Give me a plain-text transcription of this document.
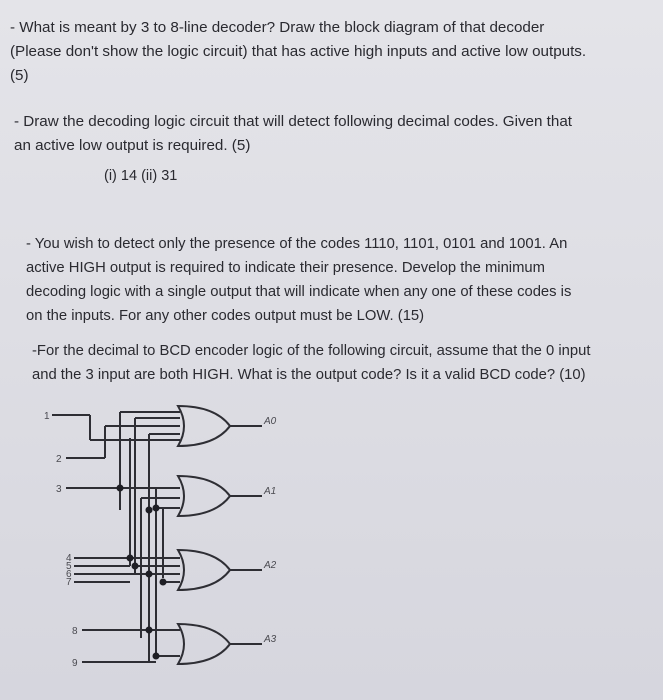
- What is meant by 3 to 8-line decoder? Draw the block diagram of that decoder
(Please don't show the logic circuit) that has active high inputs and active low outputs.
(5)
- Draw the decoding logic circuit that will detect following decimal codes. Given that
an active low output is required. (5)
(i) 14 (ii) 31
- You wish to detect only the presence of the codes 1110, 1101, 0101 and 1001. An
active HIGH output is required to indicate their presence. Develop the minimum
decoding logic with a single output that will indicate when any one of these codes is
on the inputs. For any other codes output must be LOW. (15)
-For the decimal to BCD encoder logic of the following circuit, assume that the 0 input
and the 3 input are both HIGH. What is the output code? Is it a valid BCD code? (10)
1
2
3
4
5
6
7
8
9
A0
A1
A2
A3
